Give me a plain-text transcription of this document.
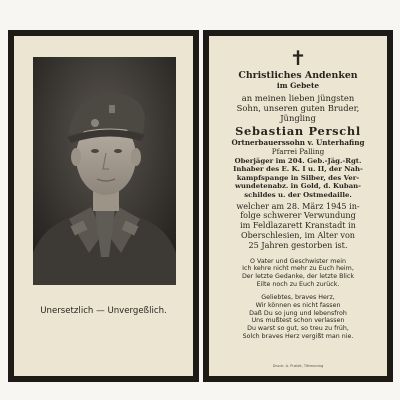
Unersetzlich — Unvergeßlich.
✝
Christliches Andenken
im Gebete
an meinen lieben jüngsten
Sohn, unseren guten Bruder,
Jüngling
Sebastian Perschl
Ortnerbauerssohn v. Unterhafing
Pfarrei Palling
Oberjäger im 204. Geb.-Jäg.-Rgt.
Inhaber des E. K. I u. II, der Nah-
kampfspange in Silber, des Ver-
wundetenabz. in Gold, d. Kuban-
schildes u. der Ostmedaille.
welcher am 28. März 1945 in-
folge schwerer Verwundung
im Feldlazarett Kranstadt in
Oberschlesien, im Alter von
25 Jahren gestorben ist.
O Vater und Geschwister mein
Ich kehre nicht mehr zu Euch heim,
Der letzte Gedanke, der letzte Blick
Eilte noch zu Euch zurück.
Geliebtes, braves Herz,
Wir können es nicht fassen
Daß Du so jung und lebensfroh
Uns mußtest schon verlassen
Du warst so gut, so treu zu früh,
Solch braves Herz vergißt man nie.
Druck: A. Pustet, Tittmoning
